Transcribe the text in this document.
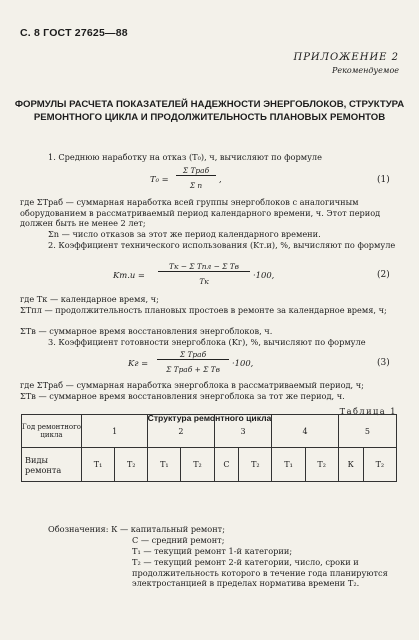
С. 8 ГОСТ 27625—88
ПРИЛОЖЕНИЕ 2
Рекомендуемое
ФОРМУЛЫ РАСЧЕТА ПОКАЗАТЕЛЕЙ НАДЕЖНОСТИ ЭНЕРГОБЛОКОВ, СТРУКТУРА РЕМОНТНОГО ЦИКЛА И ПРОДОЛЖИТЕЛЬНОСТЬ ПЛАНОВЫХ РЕМОНТОВ
1. Среднюю наработку на отказ (T₀), ч, вычисляют по формуле
T₀ =
Σ Tраб
Σ n
,	(1)
где ΣTраб — суммарная наработка всей группы энергоблоков с аналогичным оборудованием в рассматриваемый период календарного времени, ч. Этот период должен быть не менее 2 лет;
Σn — число отказов за этот же период календарного времени.
2. Коэффициент технического использования (Kт.и), %, вычисляют по формуле
Kт.и =
Tк − Σ Tпл − Σ Tв
Tк
·100,	(2)
где Tк — календарное время, ч;
ΣTпл — продолжительность плановых простоев в ремонте за календарное время, ч;
ΣTв — суммарное время восстановления энергоблоков, ч.
3. Коэффициент готовности энергоблока (Kг), %, вычисляют по формуле
Kг =
Σ Tраб
Σ Tраб + Σ Tв
·100,	(3)
где ΣTраб — суммарная наработка энергоблока в рассматриваемый период, ч;
ΣTв — суммарное время восстановления энергоблока за тот же период, ч.
Таблица 1
Структура ремонтного цикла
Год ремонтного цикла	1		2		3		4		5	
Виды ремонта	T₁	T₂	T₁	T₂	C	T₂	T₁	T₂	К	T₂
Обозначения: К — капитальный ремонт;
С — средний ремонт;
T₁ — текущий ремонт 1-й категории;
T₂ — текущий ремонт 2-й категории, число, сроки и продолжительность которого в течение года планируются электростанцией в пределах норматива времени T₂.
